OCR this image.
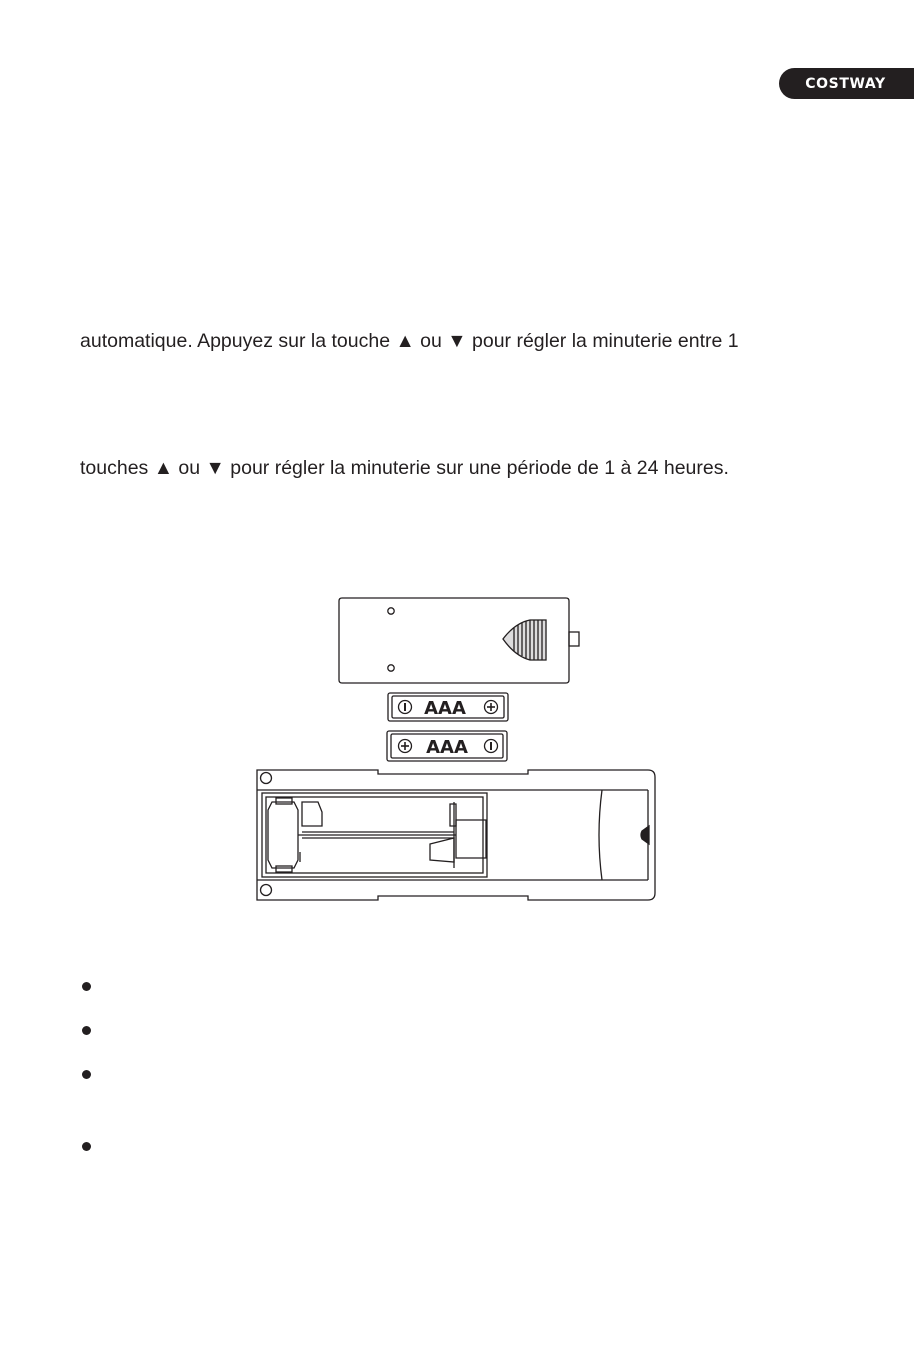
COSTWAY
automatique. Appuyez sur la touche ▲ ou ▼ pour régler la minuterie entre 1
touches ▲ ou ▼ pour régler la minuterie sur une période de 1 à 24 heures.
AAA
AAA
